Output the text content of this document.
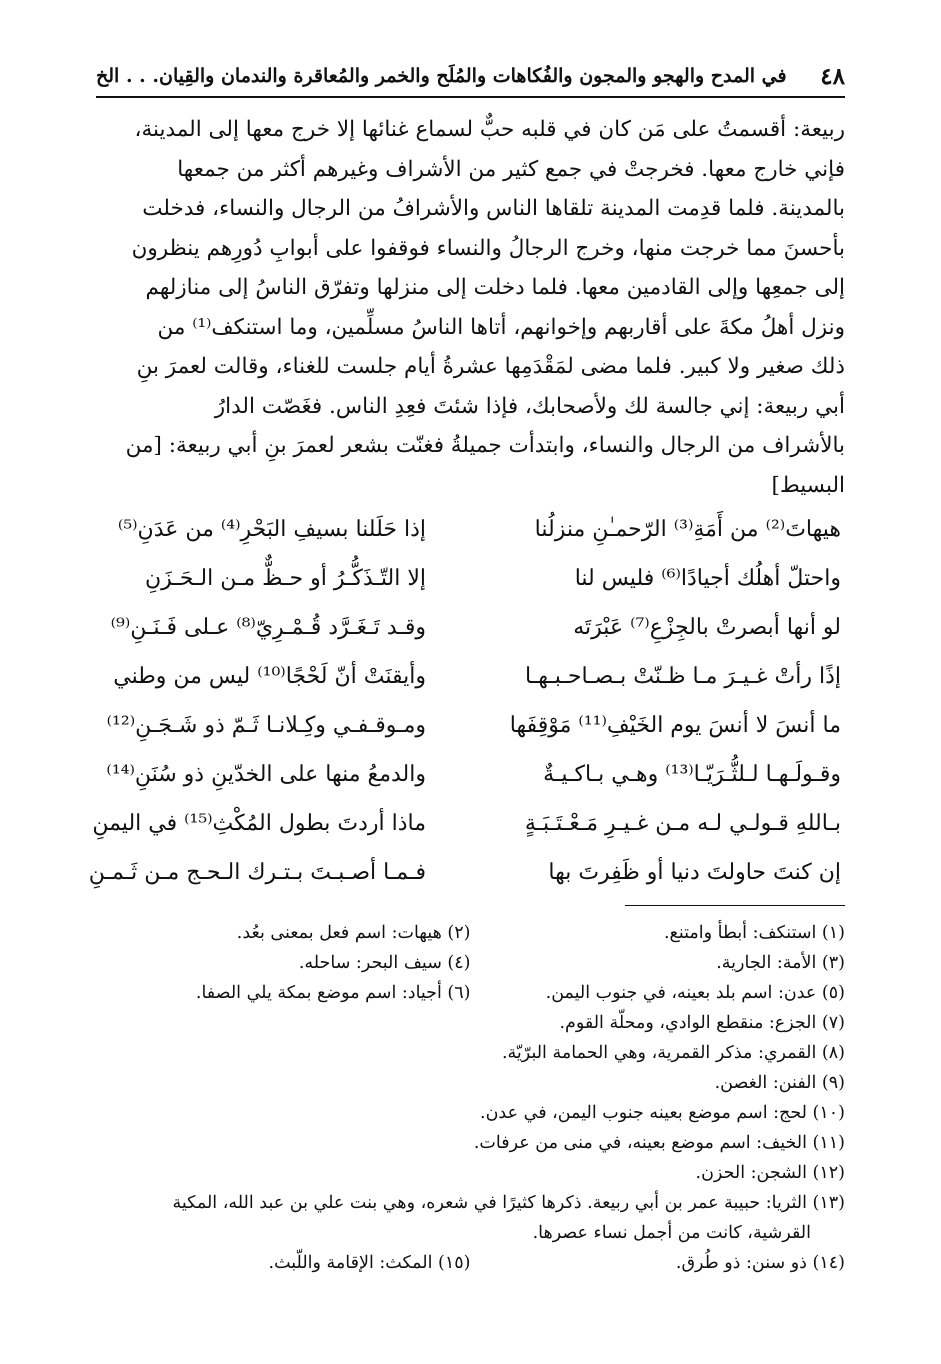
٤٨
في المدح والهجو والمجون والفُكاهات والمُلَح والخمر والمُعاقرة والندمان والقِيان. . . الخ

ربيعة: أقسمتُ على مَن كان في قلبه حبٌّ لسماع غنائها إلا خرج معها إلى المدينة،

فإني خارج معها. فخرجتْ في جمع كثير من الأشراف وغيرهم أكثر من جمعها

بالمدينة. فلما قدِمت المدينة تلقاها الناس والأشرافُ من الرجال والنساء، فدخلت

بأحسنَ مما خرجت منها، وخرج الرجالُ والنساء فوقفوا على أبوابِ دُورِهم ينظرون

إلى جمعِها وإلى القادمين معها. فلما دخلت إلى منزلها وتفرّق الناسُ إلى منازلهم

ونزل أهلُ مكةَ على أقاربهم وإخوانهم، أتاها الناسُ مسلِّمين، وما استنكف⁽¹⁾ من

ذلك صغير ولا كبير. فلما مضى لمَقْدَمِها عشرةُ أيام جلست للغناء، وقالت لعمرَ بنِ

أبي ربيعة: إني جالسة لك ولأصحابك، فإذا شئتَ فعِدِ الناس. فغَصّت الدارُ

بالأشراف من الرجال والنساء، وابتدأت جميلةُ فغنّت بشعر لعمرَ بنِ أبي ربيعة: [من

البسيط]

هيهاتَ⁽²⁾ من أَمَةِ⁽³⁾ الرّحمـٰنِ منزلُنا
إذا حَلَلنا بسيفِ البَحْرِ⁽⁴⁾ من عَدَنِ⁽⁵⁾
واحتلّ أهلُك أجيادًا⁽⁶⁾ فليس لنا
إلا التّـذَكُّـرُ أو حـظٌّ مـن الـحَـزَنِ
لو أنها أبصرتْ بالجِزْعِ⁽⁷⁾ عَبْرَتَه
وقـد تَـغَـرَّد قُـمْـرِيّ⁽⁸⁾ عـلى فَـنَـنِ⁽⁹⁾
إذًا رأتْ غـيـرَ مـا ظـنّتْ بـصـاحـبـهـا
وأيقنَتْ أنّ لَحْجًا⁽¹⁰⁾ ليس من وطني
ما أنسَ لا أنسَ يوم الخَيْفِ⁽¹¹⁾ مَوْقِفَها
ومـوقـفـي وكِـلانـا ثَـمّ ذو شَـجَـنِ⁽¹²⁾
وقـولَـهـا لـلثُّـرَيّـا⁽¹³⁾ وهـي بـاكـيـةٌ
والدمعُ منها على الخدّينِ ذو سُنَنِ⁽¹⁴⁾
بـاللهِ قـولـي لـه مـن غـيـرِ مَـعْـتَـبَـةٍ
ماذا أردتَ بطول المُكْثِ⁽¹⁵⁾ في اليمنِ
إن كنتَ حاولتَ دنيا أو ظَفِرتَ بها
فـمـا أصـبـتَ بـتـرك الـحـج مـن ثَـمـنِ
(١) استنكف: أبطأ وامتنع.
(٢) هيهات: اسم فعل بمعنى بعُد.
(٣) الأمة: الجارية.
(٤) سيف البحر: ساحله.
(٥) عدن: اسم بلد بعينه، في جنوب اليمن.
(٦) أجياد: اسم موضع بمكة يلي الصفا.
(٧) الجزع: منقطع الوادي، ومحلّة القوم.
(٨) القمري: مذكر القمرية، وهي الحمامة البرّيّة.
(٩) الفنن: الغصن.
(١٠) لحج: اسم موضع بعينه جنوب اليمن، في عدن.
(١١) الخيف: اسم موضع بعينه، في منى من عرفات.
(١٢) الشجن: الحزن.
(١٣) الثريا: حبيبة عمر بن أبي ربيعة. ذكرها كثيرًا في شعره، وهي بنت علي بن عبد الله، المكية
القرشية، كانت من أجمل نساء عصرها.
(١٤) ذو سنن: ذو طُرق.
(١٥) المكث: الإقامة واللّبث.
